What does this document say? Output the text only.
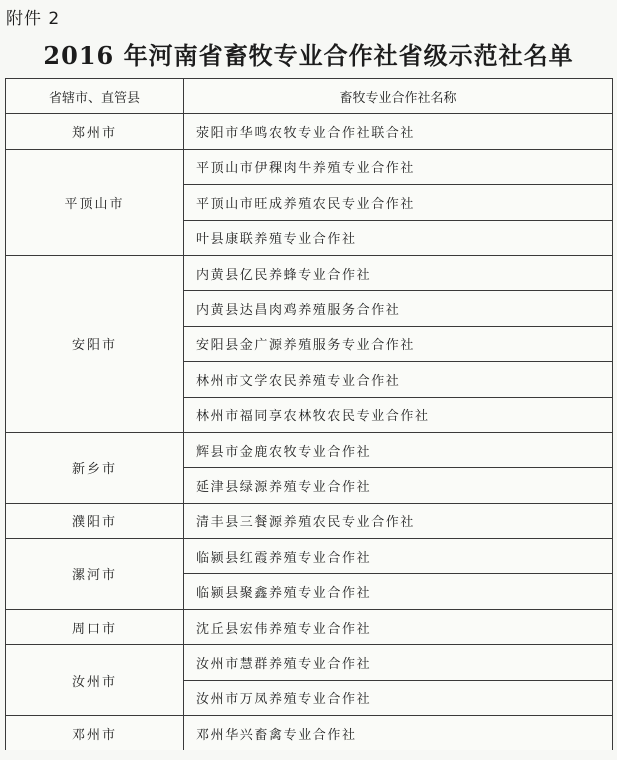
附件 2
2016 年河南省畜牧专业合作社省级示范社名单
省辖市、直管县	畜牧专业合作社名称
郑州市	荥阳市华鸣农牧专业合作社联合社
平顶山市	平顶山市伊稞肉牛养殖专业合作社
	平顶山市旺成养殖农民专业合作社
	叶县康联养殖专业合作社
安阳市	内黄县亿民养蜂专业合作社
	内黄县达昌肉鸡养殖服务合作社
	安阳县金广源养殖服务专业合作社
	林州市文学农民养殖专业合作社
	林州市福同享农林牧农民专业合作社
新乡市	辉县市金鹿农牧专业合作社
	延津县绿源养殖专业合作社
濮阳市	清丰县三餐源养殖农民专业合作社
漯河市	临颍县红霞养殖专业合作社
	临颍县聚鑫养殖专业合作社
周口市	沈丘县宏伟养殖专业合作社
汝州市	汝州市慧群养殖专业合作社
	汝州市万凤养殖专业合作社
邓州市	邓州华兴畜禽专业合作社
